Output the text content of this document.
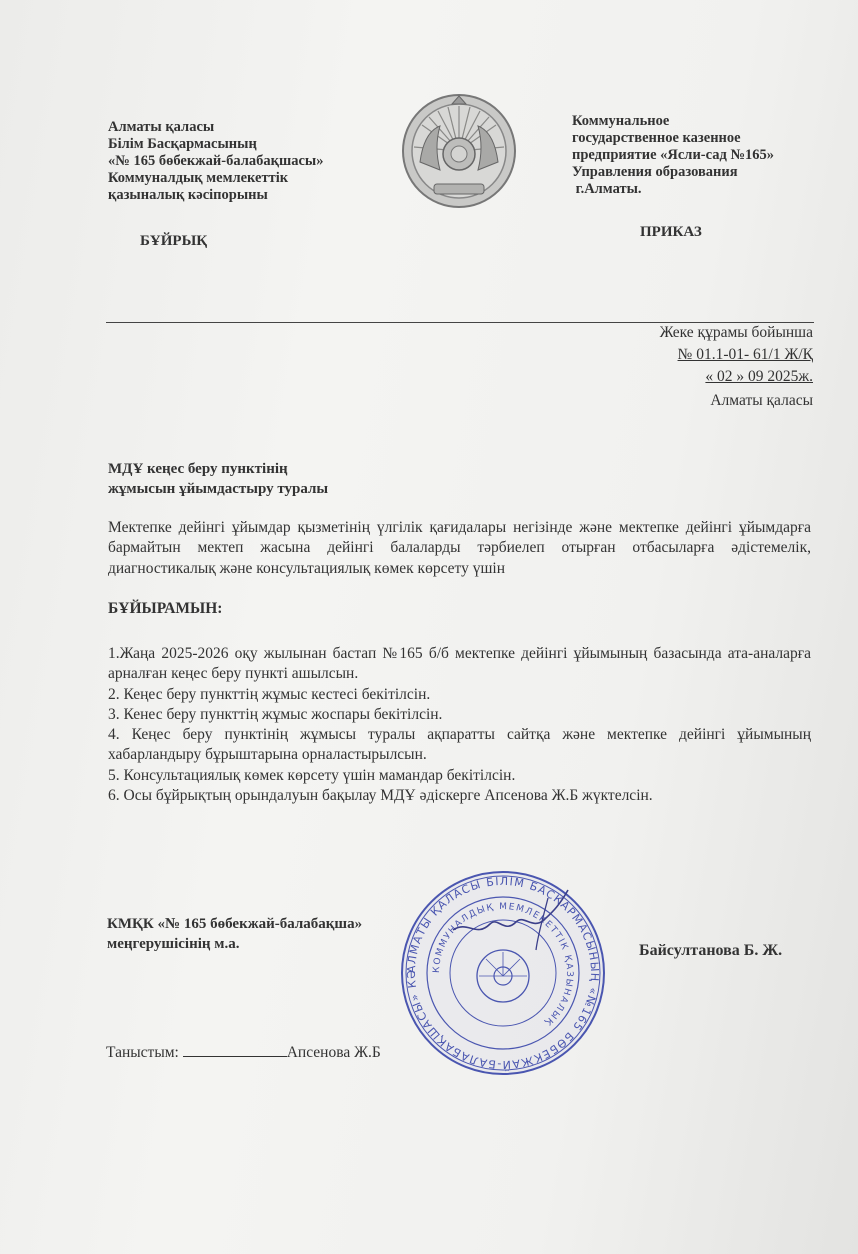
Алматы қаласы
Білім Басқармасының
«№ 165 бөбекжай-балабақшасы»
Коммуналдық мемлекеттік
қазыналық кәсіпорыны
БҰЙРЫҚ
Коммунальное
государственное казенное
предприятие «Ясли-сад №165»
Управления образования
г.Алматы.
ПРИКАЗ
Жеке құрамы бойынша
№ 01.1-01- 61/1 Ж/Қ
« 02 » 09 2025ж.
Алматы қаласы
МДҰ кеңес беру пунктінің
жұмысын ұйымдастыру туралы
Мектепке дейінгі ұйымдар қызметінің үлгілік қағидалары негізінде және мектепке дейінгі ұйымдарға бармайтын мектеп жасына дейінгі балаларды тәрбиелеп отырған отбасыларға әдістемелік, диагностикалық және консультациялық көмек көрсету үшін
БҰЙЫРАМЫН:

1.Жаңа 2025-2026 оқу жылынан бастап №165 б/б мектепке дейінгі ұйымының базасында ата-аналарға арналған кеңес беру пункті ашылсын.

2. Кеңес беру пункттің жұмыс кестесі бекітілсін.

3. Кенес беру пункттің жұмыс жоспары бекітілсін.

4. Кеңес беру пунктінің жұмысы туралы ақпаратты сайтқа және мектепке дейінгі ұйымының хабарландыру бұрыштарына орналастырылсын.

5. Консультациялық көмек көрсету үшін мамандар бекітілсін.

6. Осы бұйрықтың орындалуын бақылау МДҰ әдіскерге Апсенова Ж.Б жүктелсін.

АЛМАТЫ ҚАЛАСЫ БІЛІМ БАСҚАРМАСЫНЫҢ «№165 БӨБЕКЖАЙ-БАЛАБАҚШАСЫ» КӘ	КОММУНАЛДЫҚ МЕМЛЕКЕТТІК ҚАЗЫНАЛЫҚ
КМҚК «№ 165 бөбекжай-балабақша»
меңгерушісінің м.а.	Байсултанова Б. Ж.
Таныстым:	Апсенова Ж.Б
